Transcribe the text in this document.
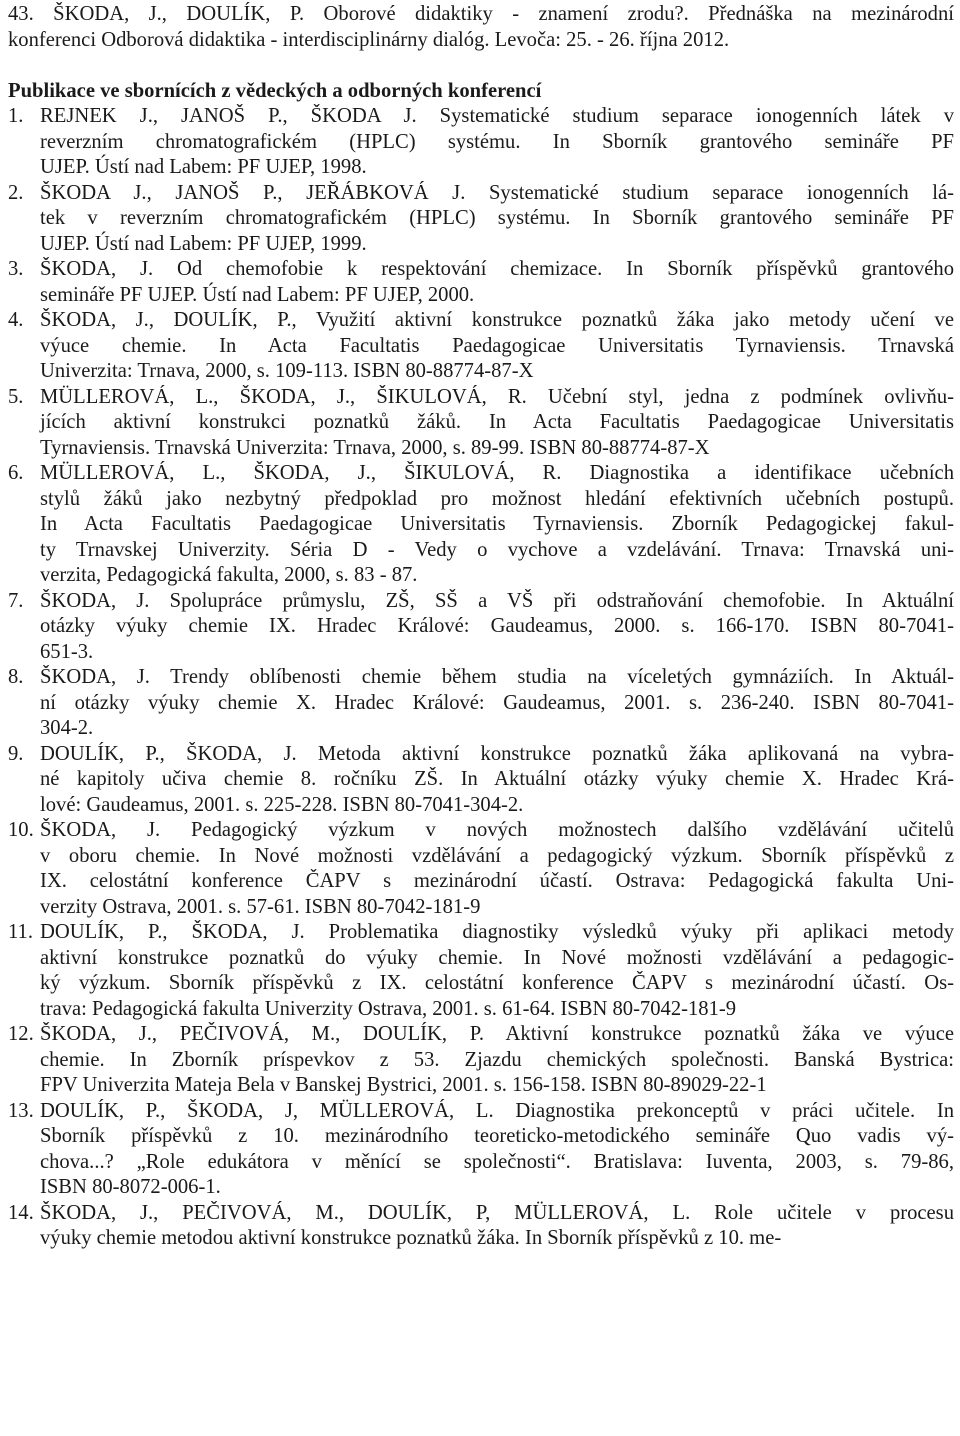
43. ŠKODA, J., DOULÍK, P. Oborové didaktiky - znamení zrodu?. Přednáška na mezinárodní
konferenci Odborová didaktika - interdisciplinárny dialóg. Levoča: 25. - 26. října 2012.
Publikace ve sbornících z vědeckých a odborných konferencí
1. REJNEK J., JANOŠ P., ŠKODA J. Systematické studium separace ionogenních látek v
reverzním chromatografickém (HPLC) systému. In Sborník grantového semináře PF
UJEP. Ústí nad Labem: PF UJEP, 1998.
2. ŠKODA J., JANOŠ P., JEŘÁBKOVÁ J. Systematické studium separace ionogenních lá-
tek v reverzním chromatografickém (HPLC) systému. In Sborník grantového semináře PF
UJEP. Ústí nad Labem: PF UJEP, 1999.
3. ŠKODA, J. Od chemofobie k respektování chemizace. In Sborník příspěvků grantového
semináře PF UJEP. Ústí nad Labem: PF UJEP, 2000.
4. ŠKODA, J., DOULÍK, P., Využití aktivní konstrukce poznatků žáka jako metody učení ve
výuce chemie. In Acta Facultatis Paedagogicae Universitatis Tyrnaviensis. Trnavská
Univerzita: Trnava, 2000, s. 109-113. ISBN 80-88774-87-X
5. MÜLLEROVÁ, L., ŠKODA, J., ŠIKULOVÁ, R. Učební styl, jedna z podmínek ovlivňu-
jících aktivní konstrukci poznatků žáků. In Acta Facultatis Paedagogicae Universitatis
Tyrnaviensis. Trnavská Univerzita: Trnava, 2000, s. 89-99. ISBN 80-88774-87-X
6. MÜLLEROVÁ, L., ŠKODA, J., ŠIKULOVÁ, R. Diagnostika a identifikace učebních
stylů žáků jako nezbytný předpoklad pro možnost hledání efektivních učebních postupů.
In Acta Facultatis Paedagogicae Universitatis Tyrnaviensis. Zborník Pedagogickej fakul-
ty Trnavskej Univerzity. Séria D - Vedy o vychove a vzdelávání. Trnava: Trnavská uni-
verzita, Pedagogická fakulta, 2000, s. 83 - 87.
7. ŠKODA, J. Spolupráce průmyslu, ZŠ, SŠ a VŠ při odstraňování chemofobie. In Aktuální
otázky výuky chemie IX. Hradec Králové: Gaudeamus, 2000. s. 166-170. ISBN 80-7041-
651-3.
8. ŠKODA, J. Trendy oblíbenosti chemie během studia na víceletých gymnáziích. In Aktuál-
ní otázky výuky chemie X. Hradec Králové: Gaudeamus, 2001. s. 236-240. ISBN 80-7041-
304-2.
9. DOULÍK, P., ŠKODA, J. Metoda aktivní konstrukce poznatků žáka aplikovaná na vybra-
né kapitoly učiva chemie 8. ročníku ZŠ. In Aktuální otázky výuky chemie X. Hradec Krá-
lové: Gaudeamus, 2001. s. 225-228. ISBN 80-7041-304-2.
10. ŠKODA, J. Pedagogický výzkum v nových možnostech dalšího vzdělávání učitelů
v oboru chemie. In Nové možnosti vzdělávání a pedagogický výzkum. Sborník příspěvků z
IX. celostátní konference ČAPV s mezinárodní účastí. Ostrava: Pedagogická fakulta Uni-
verzity Ostrava, 2001. s. 57-61. ISBN 80-7042-181-9
11. DOULÍK, P., ŠKODA, J. Problematika diagnostiky výsledků výuky při aplikaci metody
aktivní konstrukce poznatků do výuky chemie. In Nové možnosti vzdělávání a pedagogic-
ký výzkum. Sborník příspěvků z IX. celostátní konference ČAPV s mezinárodní účastí. Os-
trava: Pedagogická fakulta Univerzity Ostrava, 2001. s. 61-64. ISBN 80-7042-181-9
12. ŠKODA, J., PEČIVOVÁ, M., DOULÍK, P. Aktivní konstrukce poznatků žáka ve výuce
chemie. In Zborník príspevkov z 53. Zjazdu chemických společnosti. Banská Bystrica:
FPV Univerzita Mateja Bela v Banskej Bystrici, 2001. s. 156-158. ISBN 80-89029-22-1
13. DOULÍK, P., ŠKODA, J, MÜLLEROVÁ, L. Diagnostika prekonceptů v práci učitele. In
Sborník příspěvků z 10. mezinárodního teoreticko-metodického semináře Quo vadis vý-
chova...? „Role edukátora v měnící se společnosti“. Bratislava: Iuventa, 2003, s. 79-86,
ISBN 80-8072-006-1.
14. ŠKODA, J., PEČIVOVÁ, M., DOULÍK, P, MÜLLEROVÁ, L. Role učitele v procesu
výuky chemie metodou aktivní konstrukce poznatků žáka. In Sborník příspěvků z 10. me-
